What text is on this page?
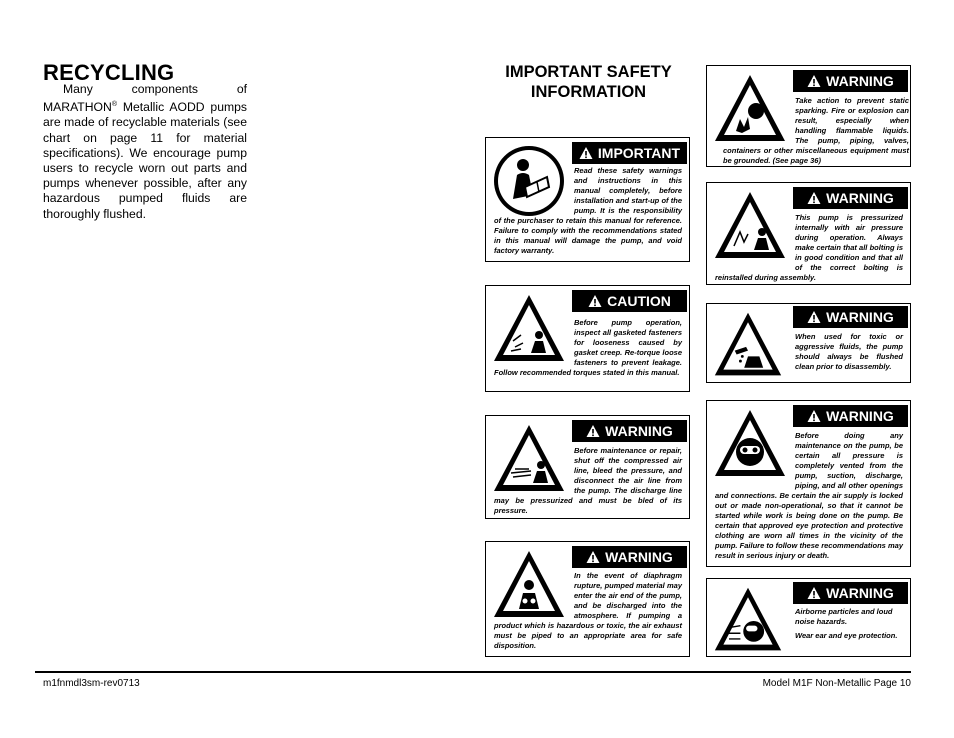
RECYCLING
Many components of MARATHON® Metallic AODD pumps are made of recyclable materials (see chart on page 11 for material specifications). We encourage pump users to recycle worn out parts and pumps whenever possible, after any hazardous pumped fluids are thoroughly flushed.
IMPORTANT SAFETY
INFORMATION
IMPORTANT
Read these safety warnings and instructions in this manual completely, before installation and start-up of the pump. It is the responsibility of the purchaser to retain this manual for reference. Failure to comply with the recommendations stated in this manual will damage the pump, and void factory warranty.
CAUTION
Before pump operation, inspect all gasketed fasteners for looseness caused by gasket creep. Re-torque loose fasteners to prevent leakage. Follow recommended torques stated in this manual.
WARNING
Before maintenance or repair, shut off the compressed air line, bleed the pressure, and disconnect the air line from the pump. The discharge line may be pressurized and must be bled of its pressure.
WARNING
In the event of diaphragm rupture, pumped material may enter the air end of the pump, and be discharged into the atmosphere. If pumping a product which is hazardous or toxic, the air exhaust must be piped to an appropriate area for safe disposition.
WARNING
Take action to prevent static sparking. Fire or explosion can result, especially when handling flammable liquids. The pump, piping, valves, containers or other miscellaneous equipment must be grounded. (See page 36)
WARNING
This pump is pressurized internally with air pressure during operation. Always make certain that all bolting is in good condition and that all of the correct bolting is reinstalled during assembly.
WARNING
When used for toxic or aggressive fluids, the pump should always be flushed clean prior to disassembly.
WARNING
Before doing any maintenance on the pump, be certain all pressure is completely vented from the pump, suction, discharge, piping, and all other openings and connections. Be certain the air supply is locked out or made non-operational, so that it cannot be started while work is being done on the pump. Be certain that approved eye protection and protective clothing are worn all times in the vicinity of the pump. Failure to follow these recommendations may result in serious injury or death.
WARNING
Airborne particles and loud noise hazards.
Wear ear and eye protection.
m1fnmdl3sm-rev0713	Model M1F Non-Metallic Page 10
